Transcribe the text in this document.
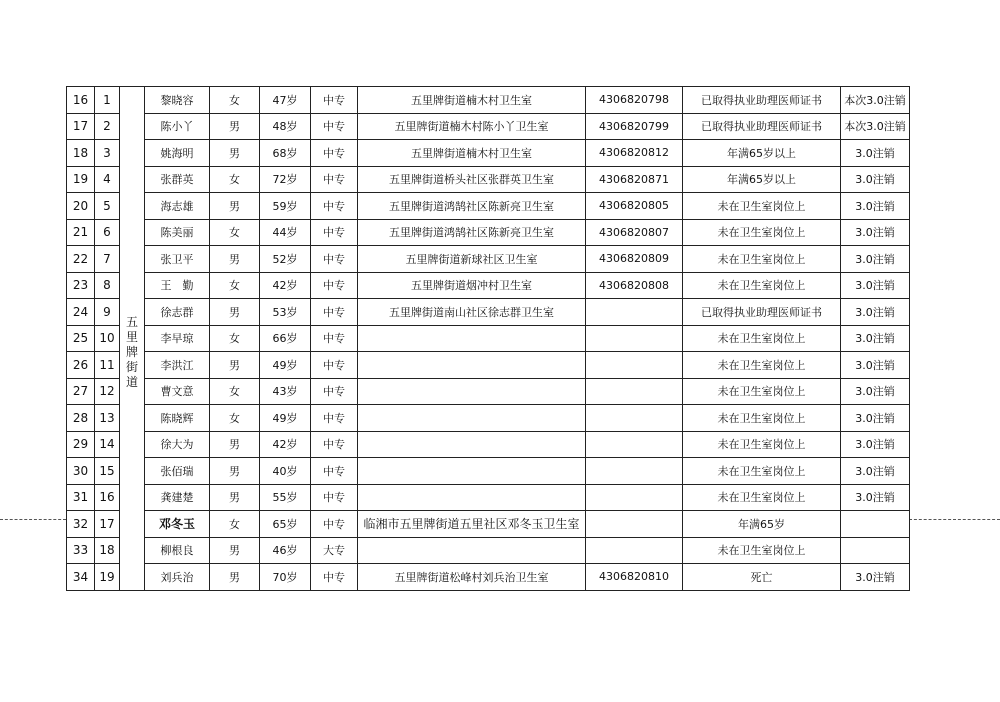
16	1	五里牌街道	黎晓容	女	47岁	中专	五里牌街道楠木村卫生室	4306820798	已取得执业助理医师证书	本次3.0注销
17	2		陈小丫	男	48岁	中专	五里牌街道楠木村陈小丫卫生室	4306820799	已取得执业助理医师证书	本次3.0注销
18	3		姚海明	男	68岁	中专	五里牌街道楠木村卫生室	4306820812	年满65岁以上	3.0注销
19	4		张群英	女	72岁	中专	五里牌街道桥头社区张群英卫生室	4306820871	年满65岁以上	3.0注销
20	5		海志雄	男	59岁	中专	五里牌街道鸿鹄社区陈新亮卫生室	4306820805	未在卫生室岗位上	3.0注销
21	6		陈美丽	女	44岁	中专	五里牌街道鸿鹄社区陈新亮卫生室	4306820807	未在卫生室岗位上	3.0注销
22	7		张卫平	男	52岁	中专	五里牌街道新球社区卫生室	4306820809	未在卫生室岗位上	3.0注销
23	8		王　勤	女	42岁	中专	五里牌街道烟冲村卫生室	4306820808	未在卫生室岗位上	3.0注销
24	9		徐志群	男	53岁	中专	五里牌街道南山社区徐志群卫生室		已取得执业助理医师证书	3.0注销
25	10		李早琼	女	66岁	中专			未在卫生室岗位上	3.0注销
26	11		李洪江	男	49岁	中专			未在卫生室岗位上	3.0注销
27	12		曹文意	女	43岁	中专			未在卫生室岗位上	3.0注销
28	13		陈晓辉	女	49岁	中专			未在卫生室岗位上	3.0注销
29	14		徐大为	男	42岁	中专			未在卫生室岗位上	3.0注销
30	15		张佰瑞	男	40岁	中专			未在卫生室岗位上	3.0注销
31	16		龚建楚	男	55岁	中专			未在卫生室岗位上	3.0注销
32	17		邓冬玉	女	65岁	中专	临湘市五里牌街道五里社区邓冬玉卫生室		年满65岁	
33	18		柳根良	男	46岁	大专			未在卫生室岗位上	
34	19		刘兵治	男	70岁	中专	五里牌街道松峰村刘兵治卫生室	4306820810	死亡	3.0注销
